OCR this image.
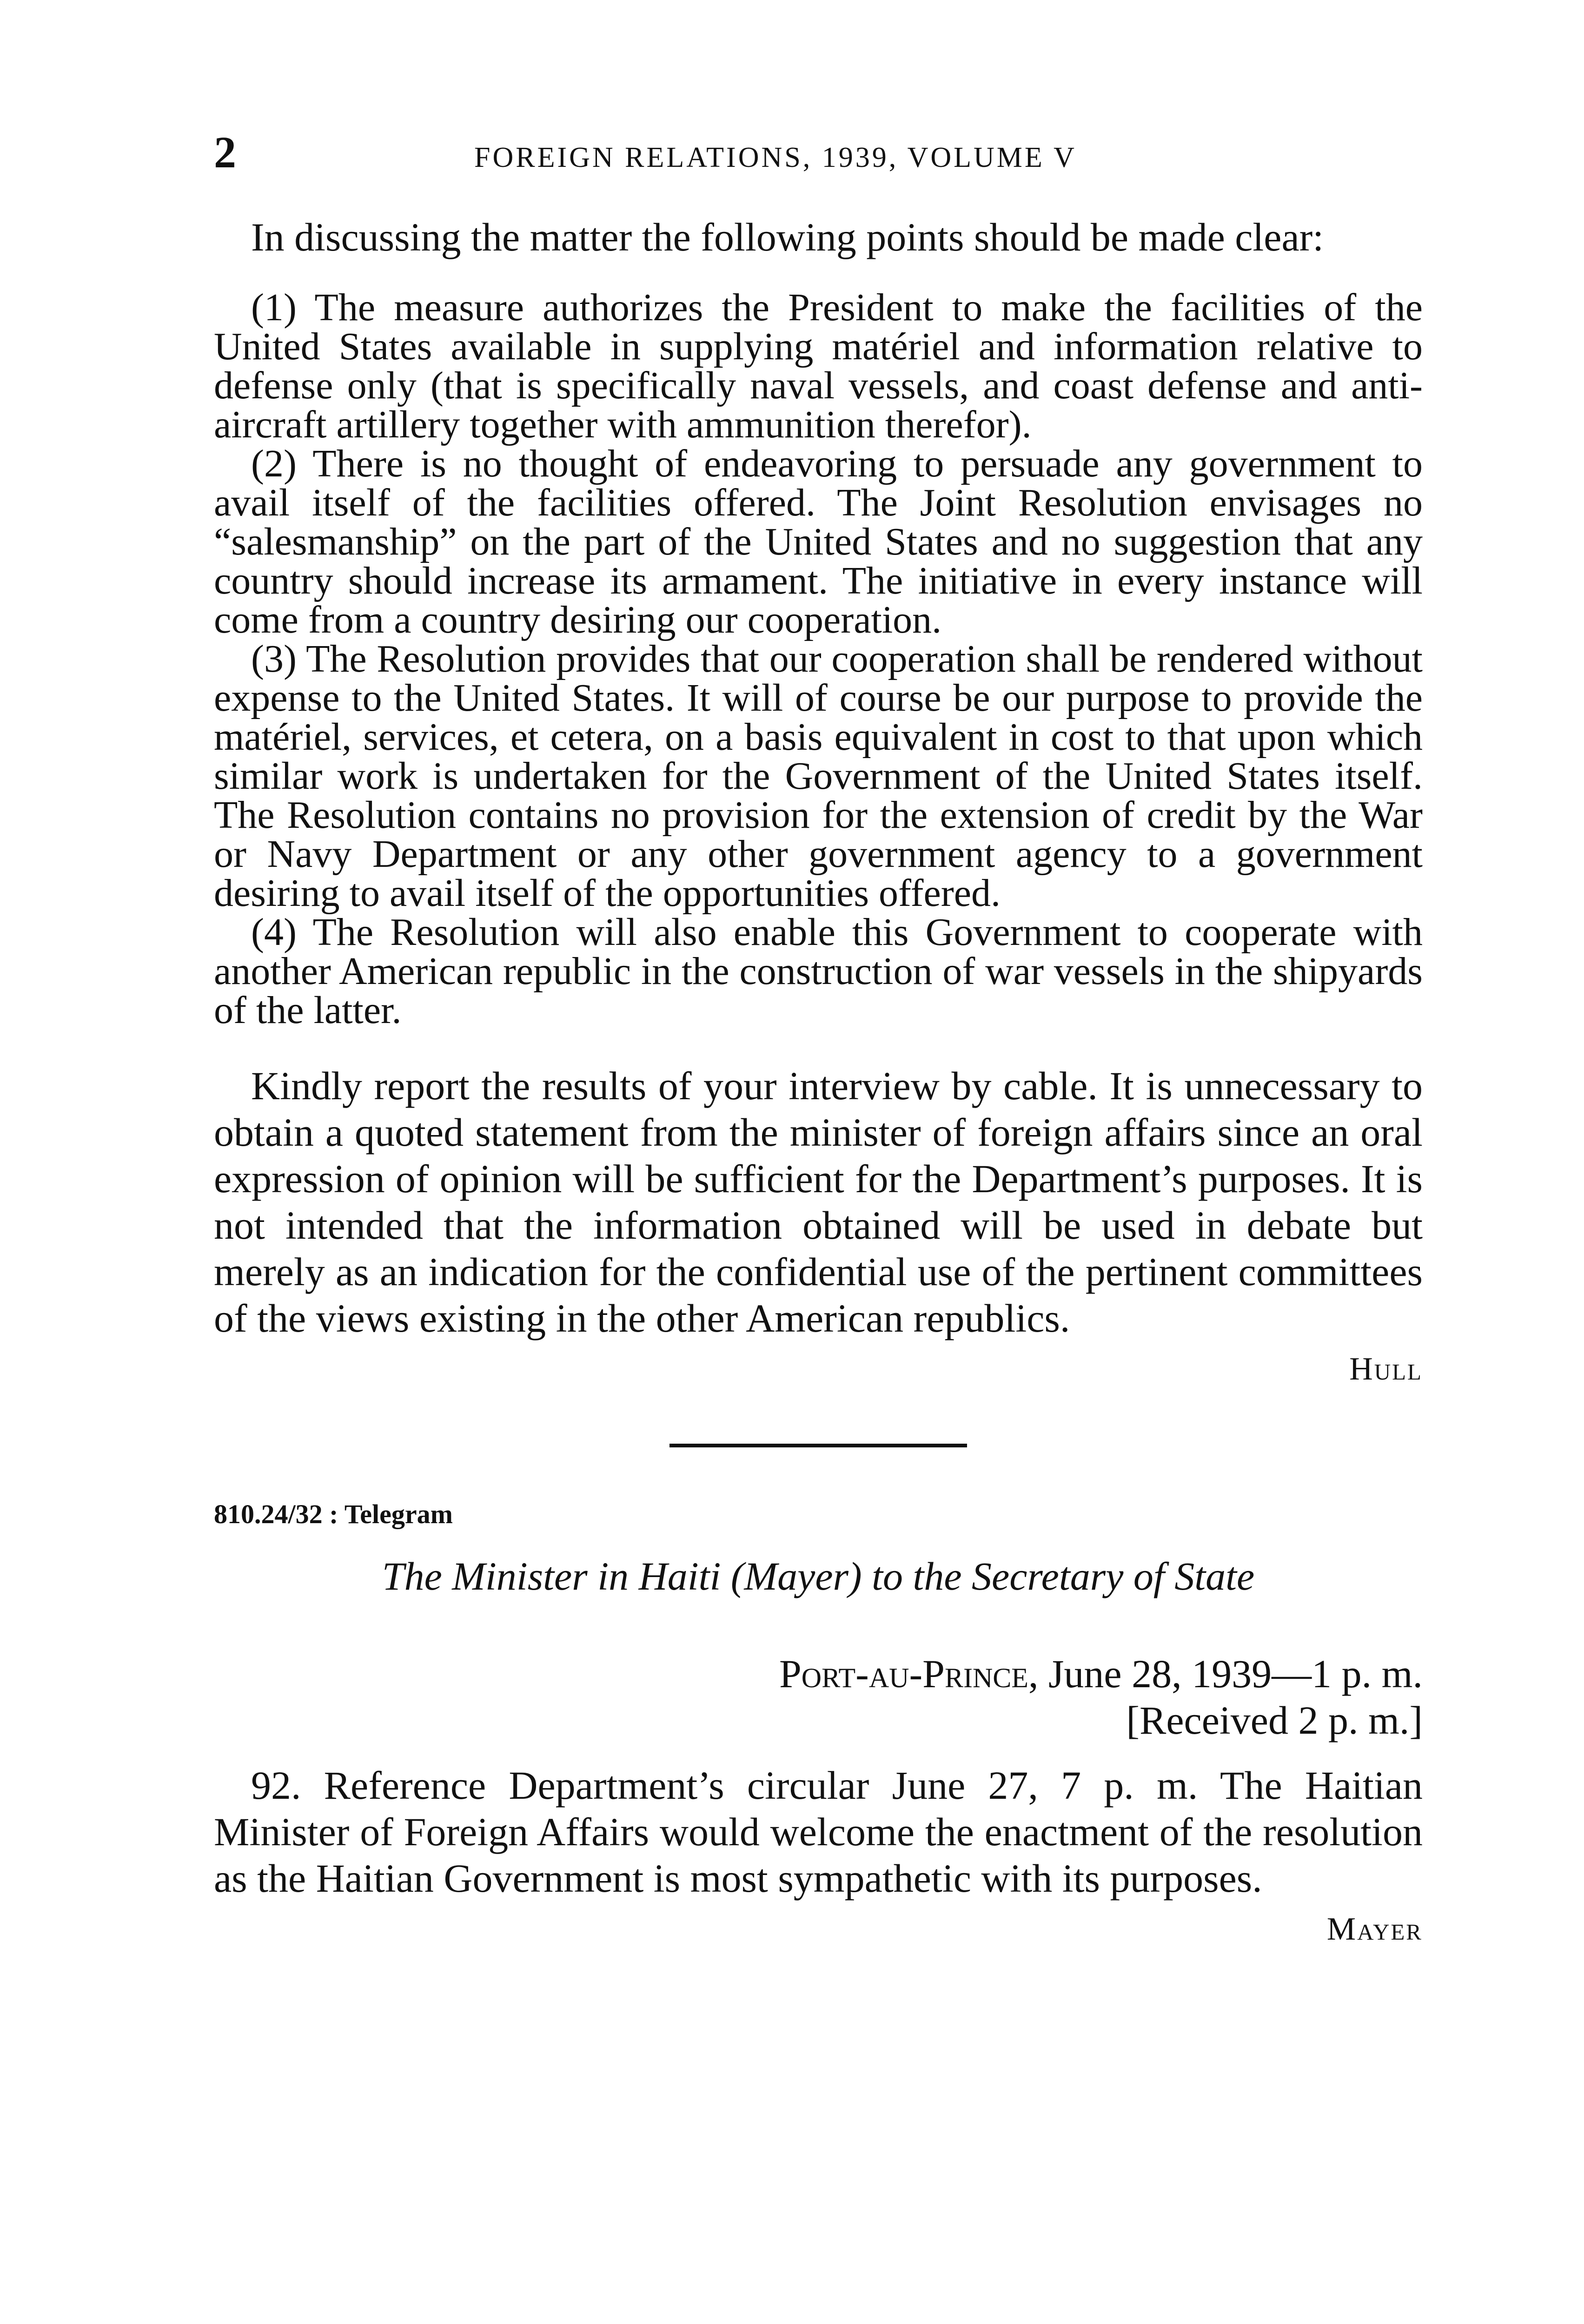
2	FOREIGN RELATIONS, 1939, VOLUME V

In discussing the matter the following points should be made clear:

(1) The measure authorizes the President to make the facilities of the United States available in supplying matériel and information relative to defense only (that is specifically naval vessels, and coast defense and anti-aircraft artillery together with ammunition therefor).

(2) There is no thought of endeavoring to persuade any government to avail itself of the facilities offered. The Joint Resolution envisages no “salesmanship” on the part of the United States and no suggestion that any country should increase its armament. The initiative in every instance will come from a country desiring our cooperation.

(3) The Resolution provides that our cooperation shall be rendered without expense to the United States. It will of course be our purpose to provide the matériel, services, et cetera, on a basis equivalent in cost to that upon which similar work is undertaken for the Government of the United States itself. The Resolution contains no provision for the extension of credit by the War or Navy Department or any other government agency to a government desiring to avail itself of the opportunities offered.

(4) The Resolution will also enable this Government to cooperate with another American republic in the construction of war vessels in the shipyards of the latter.

Kindly report the results of your interview by cable. It is unnecessary to obtain a quoted statement from the minister of foreign affairs since an oral expression of opinion will be sufficient for the Department’s purposes. It is not intended that the information obtained will be used in debate but merely as an indication for the confidential use of the pertinent committees of the views existing in the other American republics.

Hull
810.24/32 : Telegram
The Minister in Haiti (Mayer) to the Secretary of State
Port-au-Prince, June 28, 1939—1 p. m.
[Received 2 p. m.]

92. Reference Department’s circular June 27, 7 p. m. The Haitian Minister of Foreign Affairs would welcome the enactment of the resolution as the Haitian Government is most sympathetic with its purposes.

Mayer
